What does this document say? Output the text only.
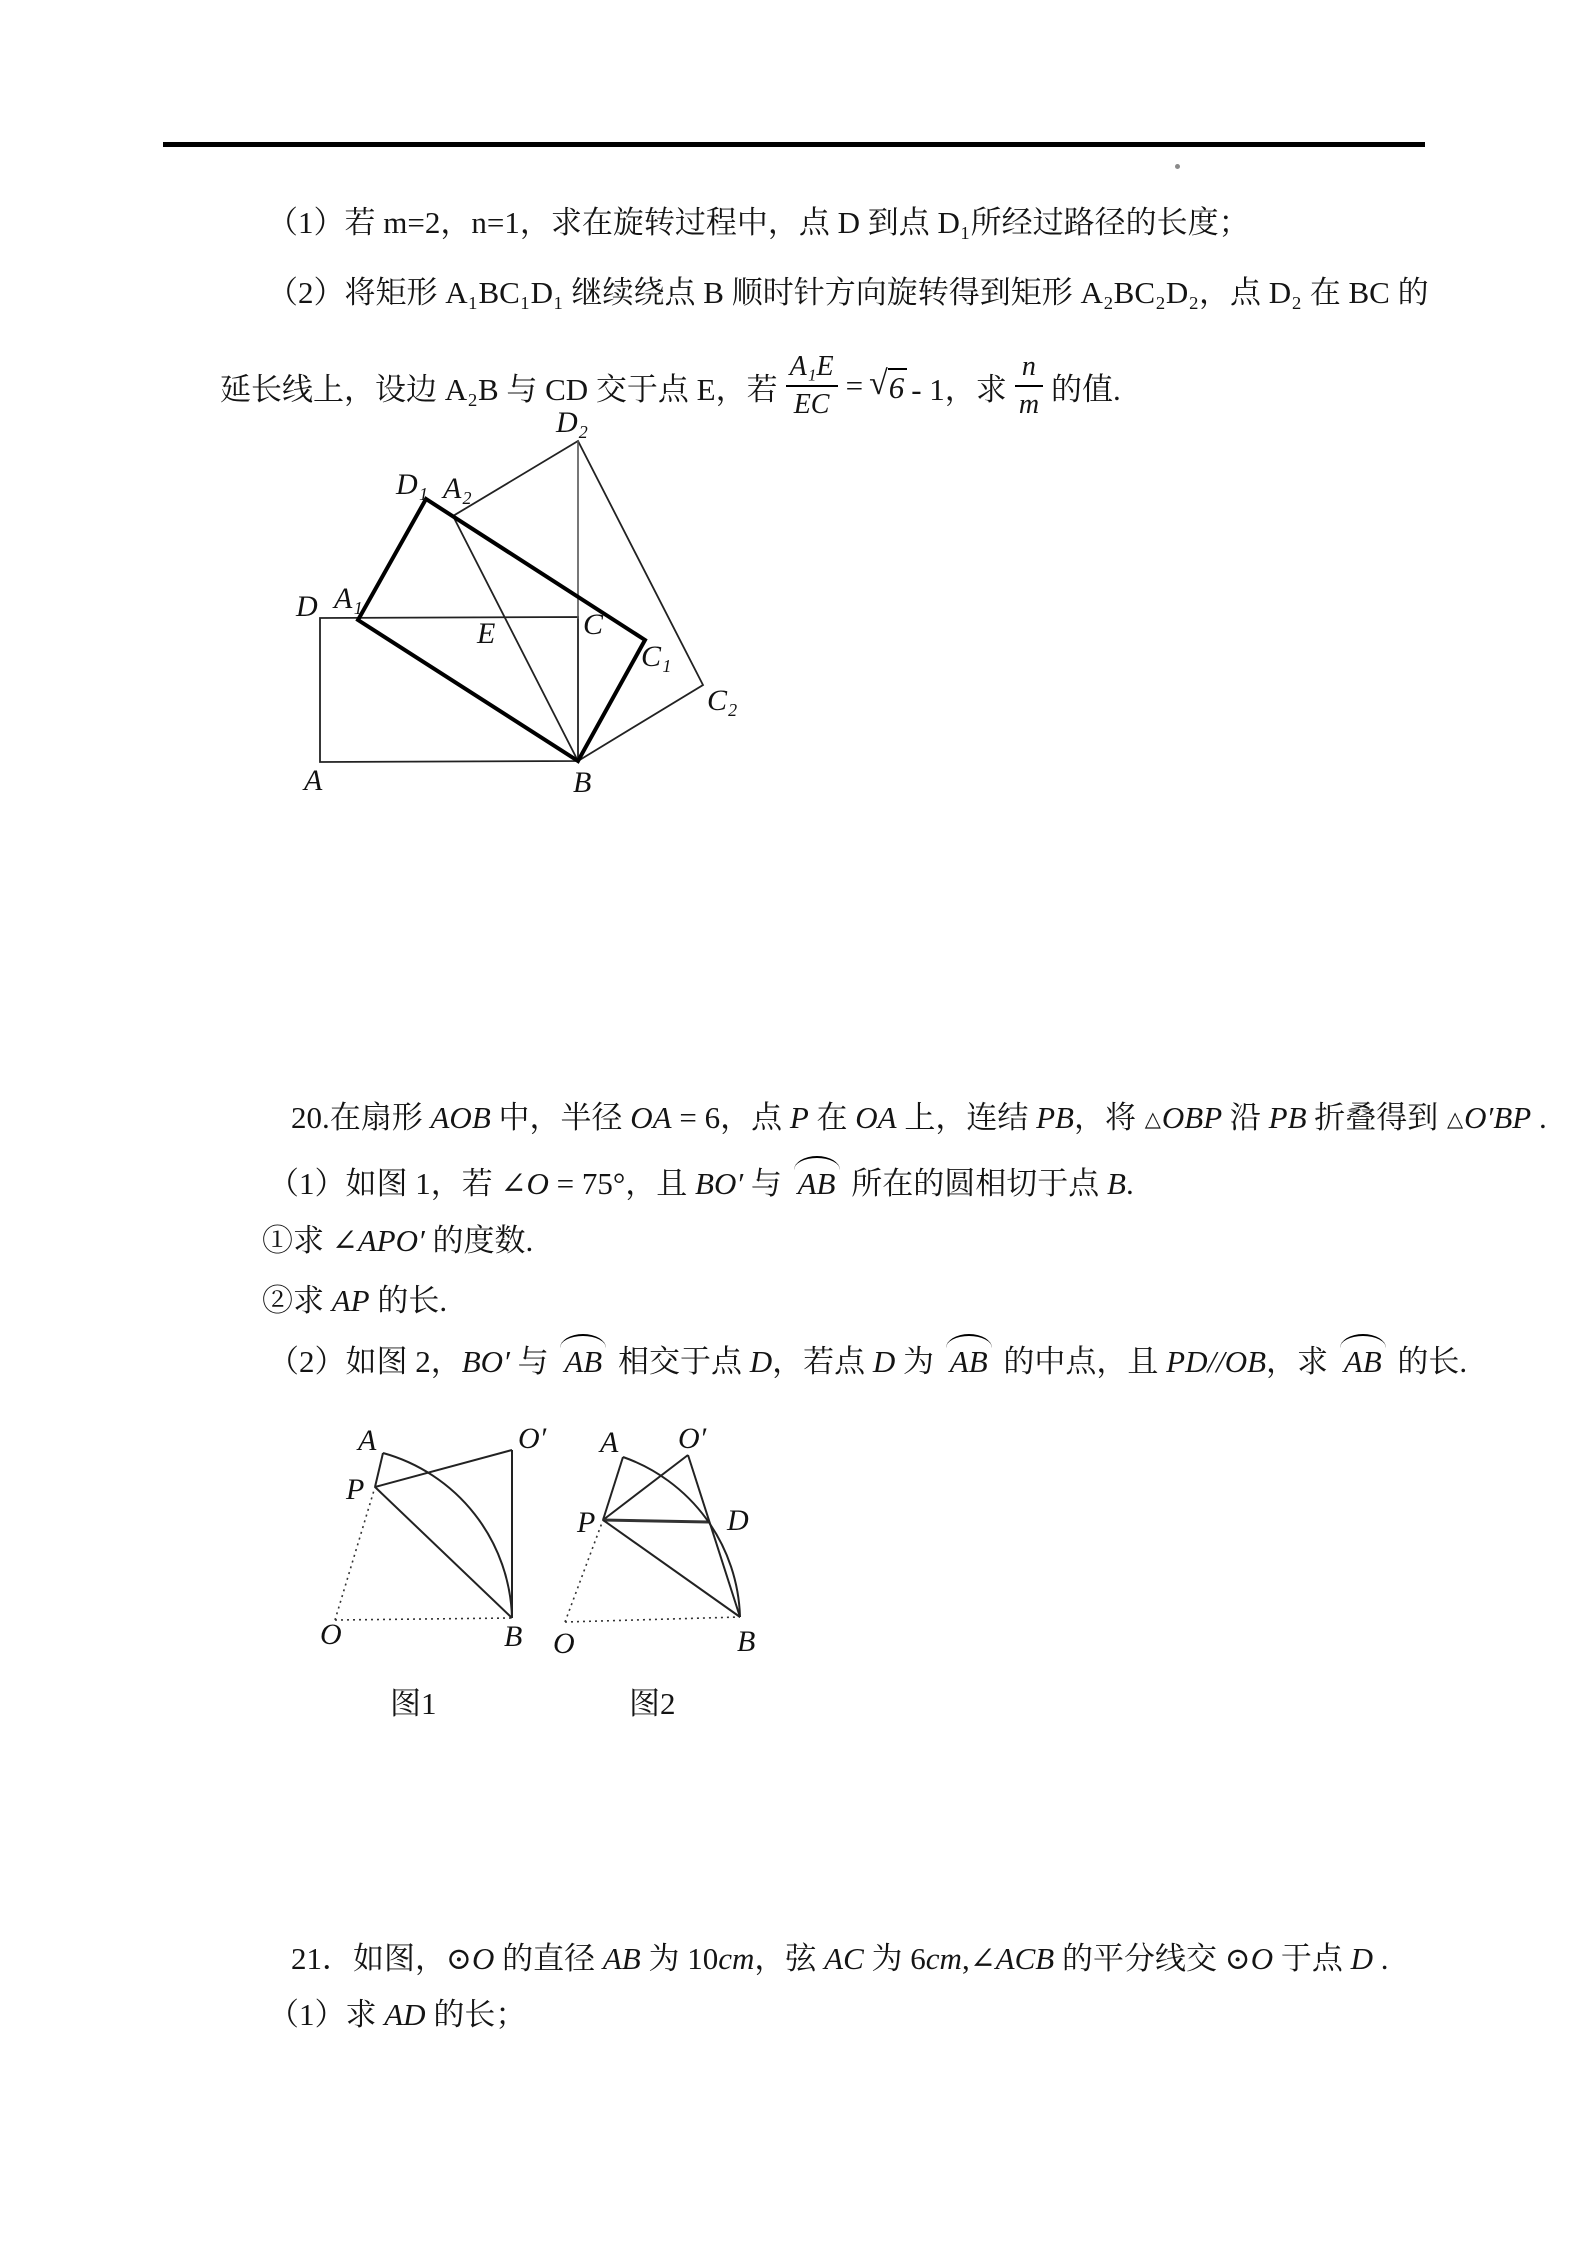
（1）若 m=2，n=1，求在旋转过程中，点 D 到点 D₁所经过路径的长度；
（2）将矩形 A₁BC₁D₁ 继续绕点 B 顺时针方向旋转得到矩形 A₂BC₂D₂，点 D₂ 在 BC 的
延长线上，设边 A₂B 与 CD 交于点 E，若 $\frac{\text{A₁E}}{EC}$ = √ 6 - 1，求 $\frac{n}{m}$ 的值.
D₂
D₁ A₂
D A₁
E	C
C₁
C₂
A	B
20.在扇形 AOB 中，半径 OA = 6，点 P 在 OA 上，连结 PB，将 △OBP 沿 PB 折叠得到 △O′BP .
（1）如图 1，若 ∠O = 75°，且 BO′ 与 AB 所在的圆相切于点 B.
①求 ∠APO′ 的度数.
②求 AP 的长.
（2）如图 2，BO′ 与 AB 相交于点 D，若点 D 为 AB 的中点，且 PD//OB，求 AB 的长.
A	O′
P
O	B
A O′
P	D
O	B
图1	图2
21．如图，⊙O 的直径 AB 为 10cm，弦 AC 为 6cm,∠ACB 的平分线交 ⊙O 于点 D .
（1）求 AD 的长；
